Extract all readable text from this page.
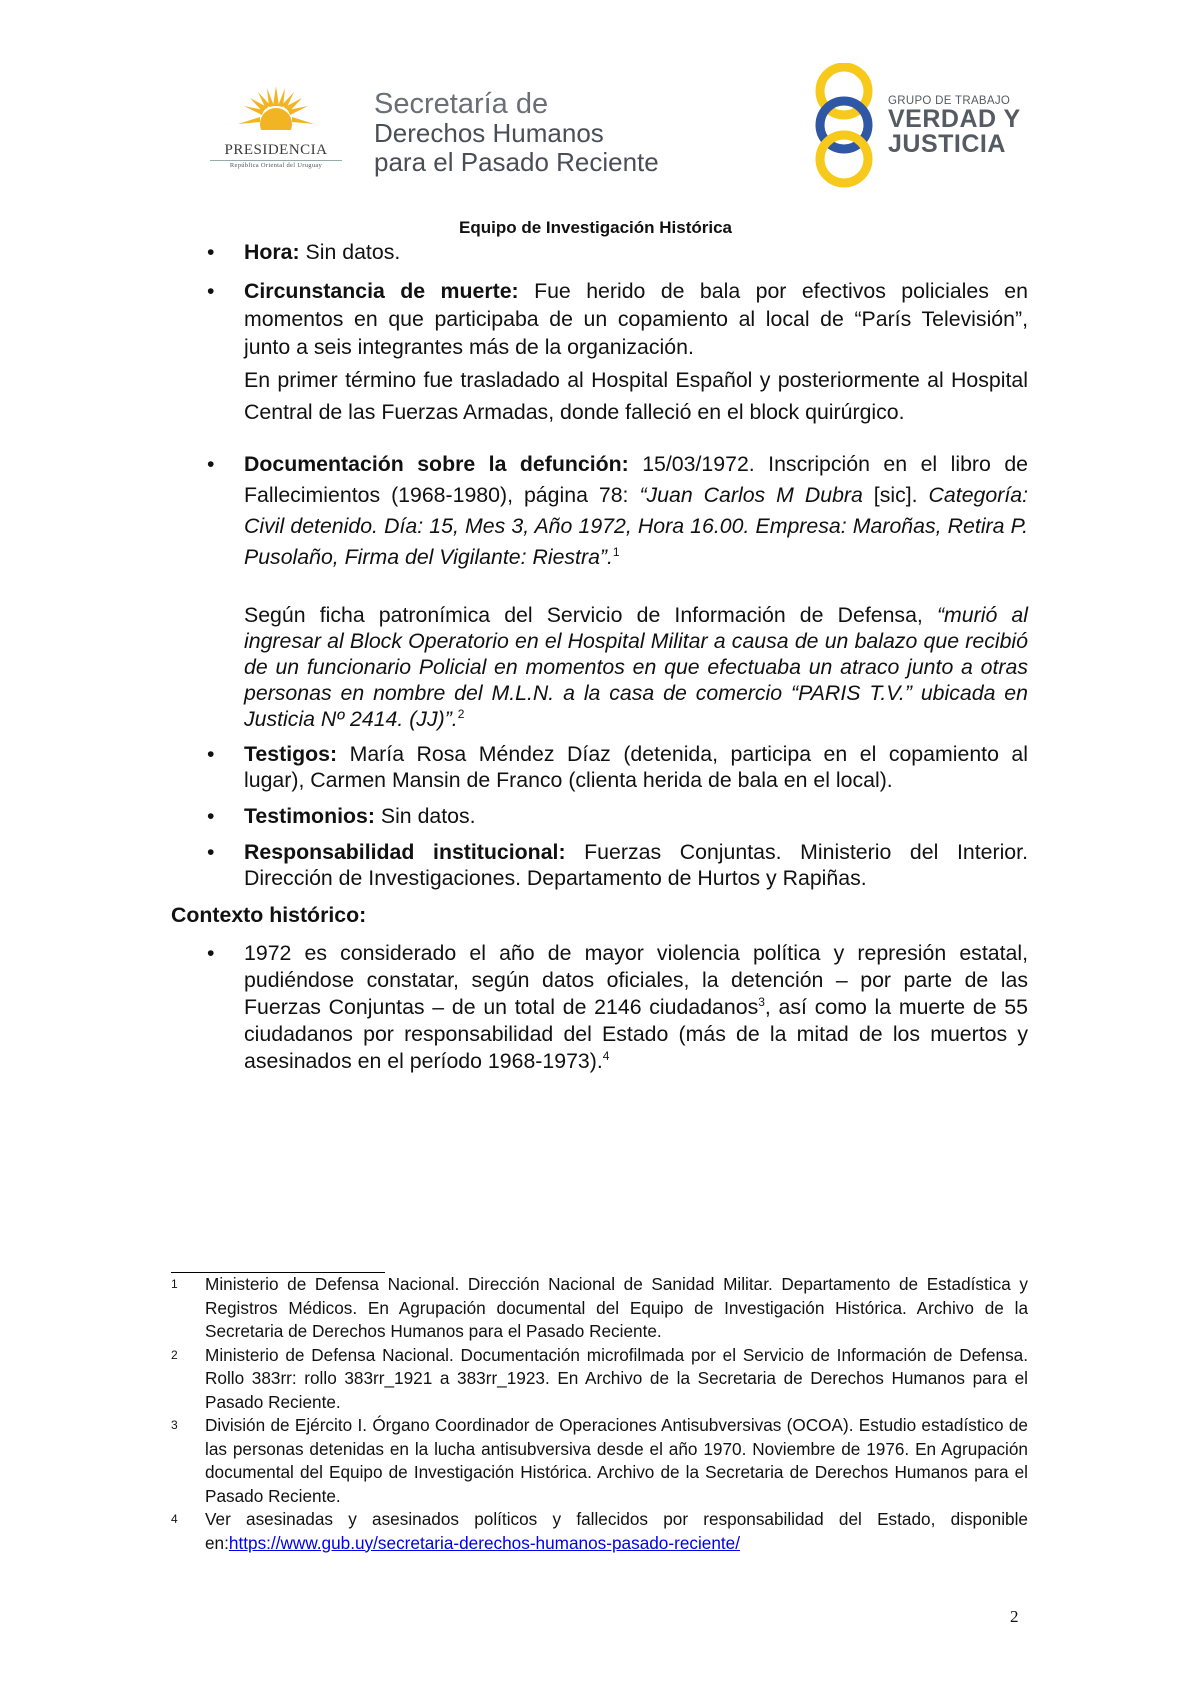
PRESIDENCIA
República Oriental del Uruguay
Secretaría de
Derechos Humanos
para el Pasado Reciente
GRUPO DE TRABAJO
VERDAD Y
JUSTICIA
Equipo de Investigación Histórica
• Hora: Sin datos.
• Circunstancia de muerte: Fue herido de bala por efectivos policiales en momentos en que participaba de un copamiento al local de “París Televisión”, junto a seis integrantes más de la organización.
En primer término fue trasladado al Hospital Español y posteriormente al Hospital Central de las Fuerzas Armadas, donde falleció en el block quirúrgico.
• Documentación sobre la defunción: 15/03/1972. Inscripción en el libro de Fallecimientos (1968-1980), página 78: “Juan Carlos M Dubra [sic]. Categoría: Civil detenido. Día: 15, Mes 3, Año 1972, Hora 16.00. Empresa: Maroñas, Retira P. Pusolaño, Firma del Vigilante: Riestra”.$^1$
Según ficha patronímica del Servicio de Información de Defensa, “murió al ingresar al Block Operatorio en el Hospital Militar a causa de un balazo que recibió de un funcionario Policial en momentos en que efectuaba un atraco junto a otras personas en nombre del M.L.N. a la casa de comercio “PARIS T.V.” ubicada en Justicia Nº 2414. (JJ)”.$^2$
• Testigos: María Rosa Méndez Díaz (detenida, participa en el copamiento al lugar), Carmen Mansin de Franco (clienta herida de bala en el local).
• Testimonios: Sin datos.
• Responsabilidad institucional: Fuerzas Conjuntas. Ministerio del Interior. Dirección de Investigaciones. Departamento de Hurtos y Rapiñas.
Contexto histórico:
• 1972 es considerado el año de mayor violencia política y represión estatal, pudiéndose constatar, según datos oficiales, la detención – por parte de las Fuerzas Conjuntas – de un total de 2146 ciudadanos$^3$, así como la muerte de 55 ciudadanos por responsabilidad del Estado (más de la mitad de los muertos y asesinados en el período 1968-1973).$^4$
1 Ministerio de Defensa Nacional. Dirección Nacional de Sanidad Militar. Departamento de Estadística y Registros Médicos. En Agrupación documental del Equipo de Investigación Histórica. Archivo de la Secretaria de Derechos Humanos para el Pasado Reciente.
2 Ministerio de Defensa Nacional. Documentación microfilmada por el Servicio de Información de Defensa. Rollo 383rr: rollo 383rr_1921 a 383rr_1923. En Archivo de la Secretaria de Derechos Humanos para el Pasado Reciente.
3 División de Ejército I. Órgano Coordinador de Operaciones Antisubversivas (OCOA). Estudio estadístico de las personas detenidas en la lucha antisubversiva desde el año 1970. Noviembre de 1976. En Agrupación documental del Equipo de Investigación Histórica. Archivo de la Secretaria de Derechos Humanos para el Pasado Reciente.
4 Ver asesinadas y asesinados políticos y fallecidos por responsabilidad del Estado, disponible en:https://www.gub.uy/secretaria-derechos-humanos-pasado-reciente/
2
